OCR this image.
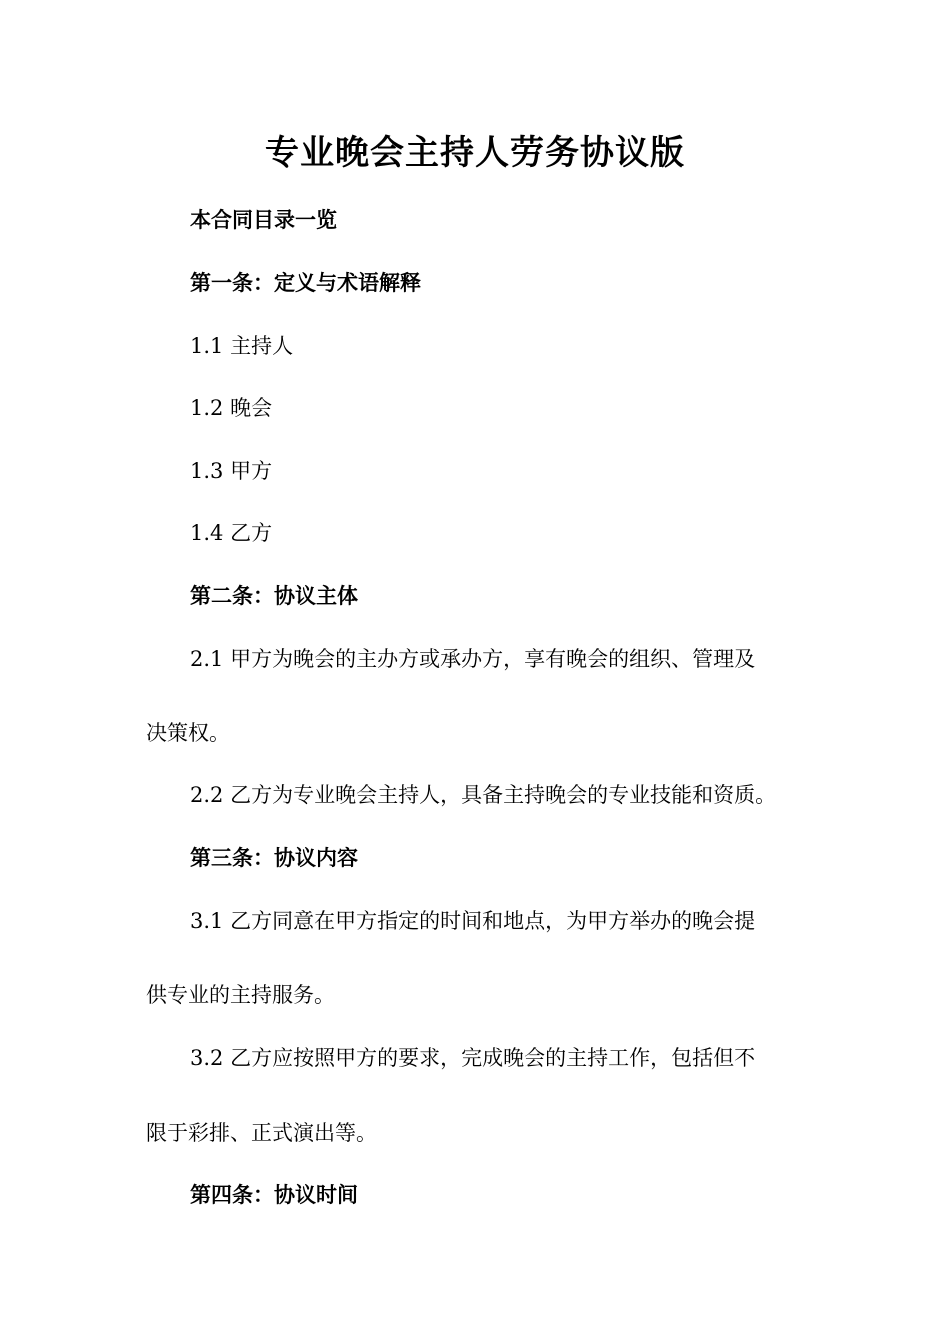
专业晚会主持人劳务协议版
本合同目录一览
第一条：定义与术语解释
1.1 主持人
1.2 晚会
1.3 甲方
1.4 乙方
第二条：协议主体
2.1 甲方为晚会的主办方或承办方，享有晚会的组织、管理及
决策权。
2.2 乙方为专业晚会主持人，具备主持晚会的专业技能和资质。
第三条：协议内容
3.1 乙方同意在甲方指定的时间和地点，为甲方举办的晚会提
供专业的主持服务。
3.2 乙方应按照甲方的要求，完成晚会的主持工作，包括但不
限于彩排、正式演出等。
第四条：协议时间
